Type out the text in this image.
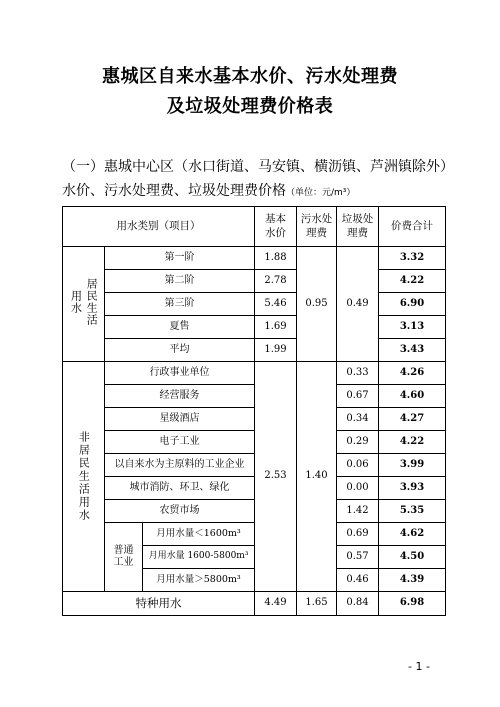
惠城区自来水基本水价、污水处理费
及垃圾处理费价格表
（一）惠城中心区（水口街道、马安镇、横沥镇、芦洲镇除外）
水价、污水处理费、垃圾处理费价格（单位：元/m³）
用水类别（项目）			基本水价	污水处理费	垃圾处理费	价费合计

用水 居民生活	第一阶		1.88	0.95	0.49	3.32
	第二阶		2.78			4.22
	第三阶		5.46			6.90
	夏售		1.69			3.13
	平均		1.99			3.43

非居民生活用水	行政事业单位		2.53	1.40	0.33	4.26
	经营服务				0.67	4.60
	星级酒店				0.34	4.27
	电子工业				0.29	4.22
	以自来水为主原料的工业企业				0.06	3.99
	城市消防、环卫、绿化				0.00	3.93
	农贸市场				1.42	5.35
	普通工业	月用水量＜1600m³			0.69	4.62
		月用水量 1600-5800m³			0.57	4.50
		月用水量＞5800m³			0.46	4.39
特种用水			4.49	1.65	0.84	6.98
- 1 -
